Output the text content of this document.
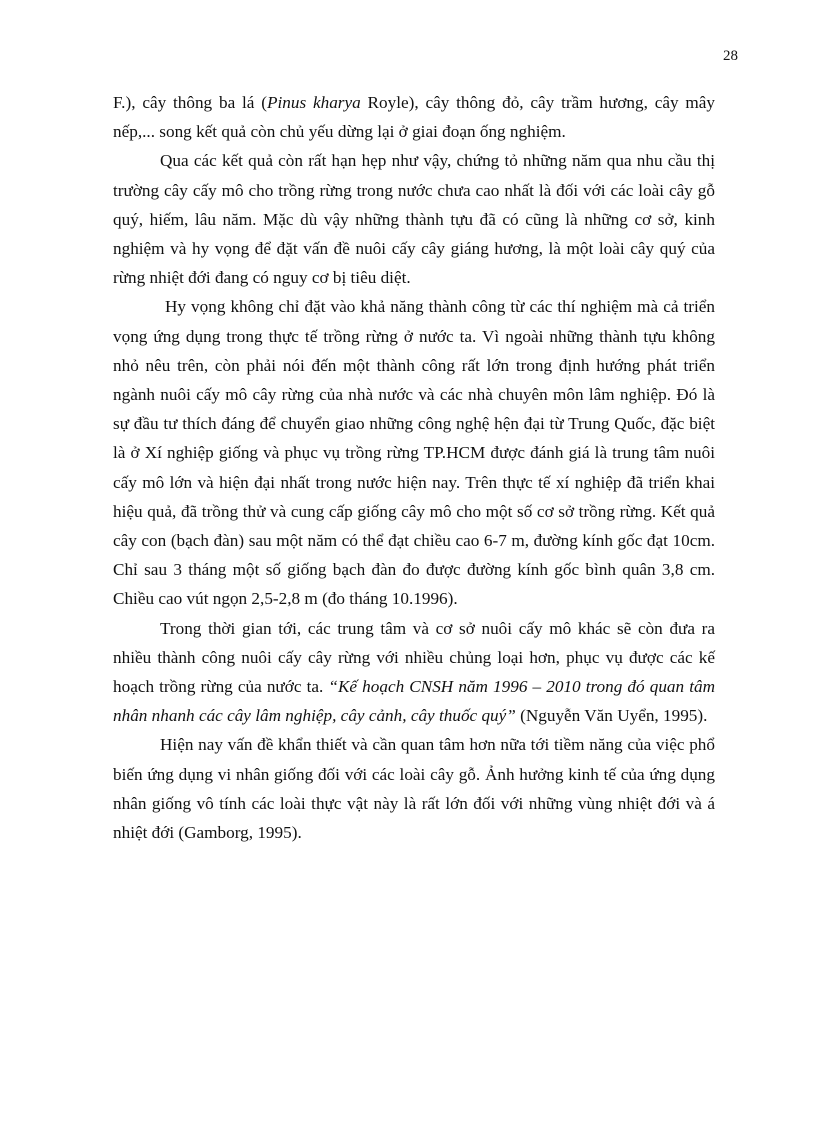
28

F.), cây thông ba lá (Pinus kharya Royle), cây thông đỏ, cây trầm hương, cây mây nếp,... song kết quả còn chủ yếu dừng lại ở giai đoạn ống nghiệm.

Qua các kết quả còn rất hạn hẹp như vậy, chứng tỏ những năm qua nhu cầu thị trường cây cấy mô cho trồng rừng trong nước chưa cao nhất là đối với các loài cây gỗ quý, hiếm, lâu năm. Mặc dù vậy những thành tựu đã có cũng là những cơ sở, kinh nghiệm và hy vọng để đặt vấn đề nuôi cấy cây giáng hương, là một loài cây quý của rừng nhiệt đới đang có nguy cơ bị tiêu diệt.

Hy vọng không chỉ đặt vào khả năng thành công từ các thí nghiệm mà cả triển vọng ứng dụng trong thực tế trồng rừng ở nước ta. Vì ngoài những thành tựu không nhỏ nêu trên, còn phải nói đến một thành công rất lớn trong định hướng phát triển ngành nuôi cấy mô cây rừng của nhà nước và các nhà chuyên môn lâm nghiệp. Đó là sự đầu tư thích đáng để chuyển giao những công nghệ hện đại từ Trung Quốc, đặc biệt là ở Xí nghiệp giống và phục vụ trồng rừng TP.HCM được đánh giá là trung tâm nuôi cấy mô lớn và hiện đại nhất trong nước hiện nay. Trên thực tế xí nghiệp đã triển khai hiệu quả, đã trồng thử và cung cấp giống cây mô cho một số cơ sở trồng rừng. Kết quả cây con (bạch đàn) sau một năm có thể đạt chiều cao 6-7 m, đường kính gốc đạt 10cm. Chỉ sau 3 tháng một số giống bạch đàn đo được đường kính gốc bình quân 3,8 cm. Chiều cao vút ngọn 2,5-2,8 m (đo tháng 10.1996).

Trong thời gian tới, các trung tâm và cơ sở nuôi cấy mô khác sẽ còn đưa ra nhiều thành công nuôi cấy cây rừng với nhiều chủng loại hơn, phục vụ được các kế hoạch trồng rừng của nước ta. “Kế hoạch CNSH năm 1996 – 2010 trong đó quan tâm nhân nhanh các cây lâm nghiệp, cây cảnh, cây thuốc quý” (Nguyễn Văn Uyển, 1995).

Hiện nay vấn đề khẩn thiết và cần quan tâm hơn nữa tới tiềm năng của việc phổ biến ứng dụng vi nhân giống đối với các loài cây gỗ. Ảnh hưởng kinh tế của ứng dụng nhân giống vô tính các loài thực vật này là rất lớn đối với những vùng nhiệt đới và á nhiệt đới (Gamborg, 1995).
